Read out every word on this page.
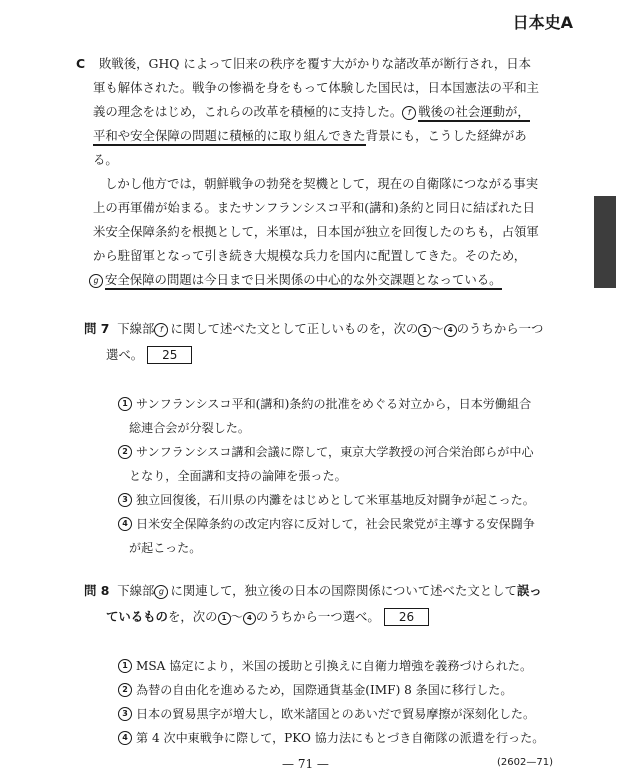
日本史A
C 敗戦後，GHQ によって旧来の秩序を覆す大がかりな諸改革が断行され，日本
軍も解体された。戦争の惨禍を身をもって体験した国民は，日本国憲法の平和主
義の理念をはじめ，これらの改革を積極的に支持した。 f 戦後の社会運動が，
平和や安全保障の問題に積極的に取り組んできた背景にも，こうした経緯があ
る。
しかし他方では，朝鮮戦争の勃発を契機として，現在の自衛隊につながる事実
上の再軍備が始まる。またサンフランシスコ平和(講和)条約と同日に結ばれた日
米安全保障条約を根拠として，米軍は，日本国が独立を回復したのちも，占領軍
から駐留軍となって引き続き大規模な兵力を国内に配置してきた。そのため，
g 安全保障の問題は今日まで日米関係の中心的な外交課題となっている。
問 7 下線部 f に関して述べた文として正しいものを，次の 1 〜 4 のうちから一つ
選べ。 25
1 サンフランシスコ平和(講和)条約の批准をめぐる対立から，日本労働組合
総連合会が分裂した。
2 サンフランシスコ講和会議に際して，東京大学教授の河合栄治郎らが中心
となり，全面講和支持の論陣を張った。
3 独立回復後，石川県の内灘をはじめとして米軍基地反対闘争が起こった。
4 日米安全保障条約の改定内容に反対して，社会民衆党が主導する安保闘争
が起こった。
問 8 下線部 g に関連して，独立後の日本の国際関係について述べた文として誤っ
ているものを，次の 1 〜 4 のうちから一つ選べ。 26
1 MSA 協定により，米国の援助と引換えに自衛力増強を義務づけられた。
2 為替の自由化を進めるため，国際通貨基金(IMF) 8 条国に移行した。
3 日本の貿易黒字が増大し，欧米諸国とのあいだで貿易摩擦が深刻化した。
4 第 4 次中東戦争に際して，PKO 協力法にもとづき自衛隊の派遣を行った。
— 71 —	(2602—71)
